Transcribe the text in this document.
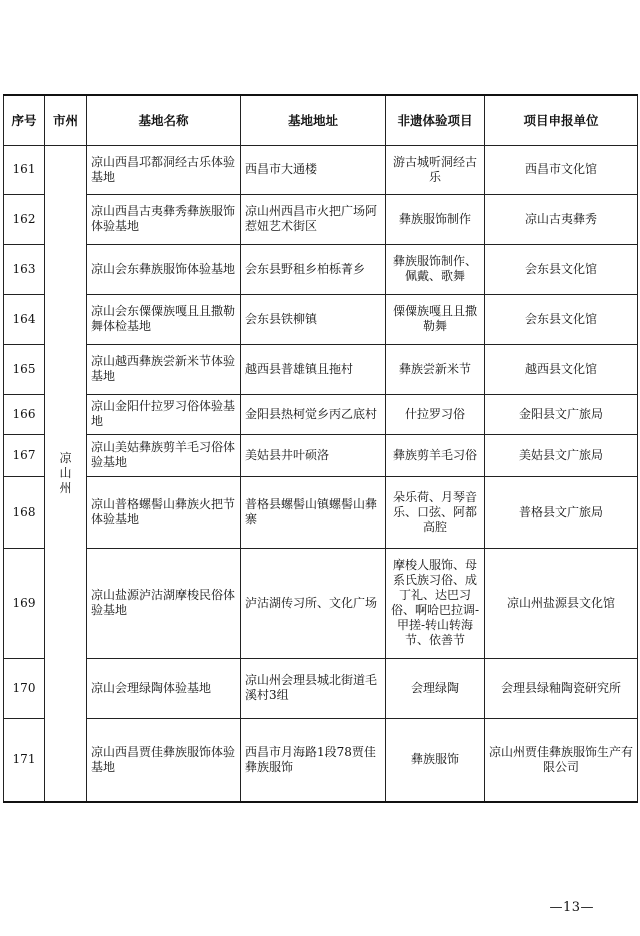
序号	市州	基地名称	基地地址	非遗体验项目	项目申报单位
161	凉山州	凉山西昌邛都洞经古乐体验基地	西昌市大通楼	游古城听洞经古乐	西昌市文化馆
162		凉山西昌古夷彝秀彝族服饰体验基地	凉山州西昌市火把广场阿惹妞艺术街区	彝族服饰制作	凉山古夷彝秀
163		凉山会东彝族服饰体验基地	会东县野租乡柏栎菁乡	彝族服饰制作、佩戴、歌舞	会东县文化馆
164		凉山会东僳僳族嘎且且撒勒舞体检基地	会东县铁柳镇	傈僳族嘎且且撒勒舞	会东县文化馆
165		凉山越西彝族尝新米节体验基地	越西县普雄镇且拖村	彝族尝新米节	越西县文化馆
166		凉山金阳什拉罗习俗体验基地	金阳县热柯觉乡丙乙底村	什拉罗习俗	金阳县文广旅局
167		凉山美姑彝族剪羊毛习俗体验基地	美姑县井叶硕洛	彝族剪羊毛习俗	美姑县文广旅局
168		凉山普格螺髻山彝族火把节体验基地	普格县螺髻山镇螺髻山彝寨	朵乐荷、月琴音乐、口弦、阿都高腔	普格县文广旅局
169		凉山盐源泸沽湖摩梭民俗体验基地	泸沽湖传习所、文化广场	摩梭人服饰、母系氏族习俗、成丁礼、达巴习俗、啊哈巴拉调-甲搓-转山转海节、依善节	凉山州盐源县文化馆
170		凉山会理绿陶体验基地	凉山州会理县城北街道毛溪村3组	会理绿陶	会理县绿釉陶瓷研究所
171		凉山西昌贾佳彝族服饰体验基地	西昌市月海路1段78贾佳彝族服饰	彝族服饰	凉山州贾佳彝族服饰生产有限公司
—13—
